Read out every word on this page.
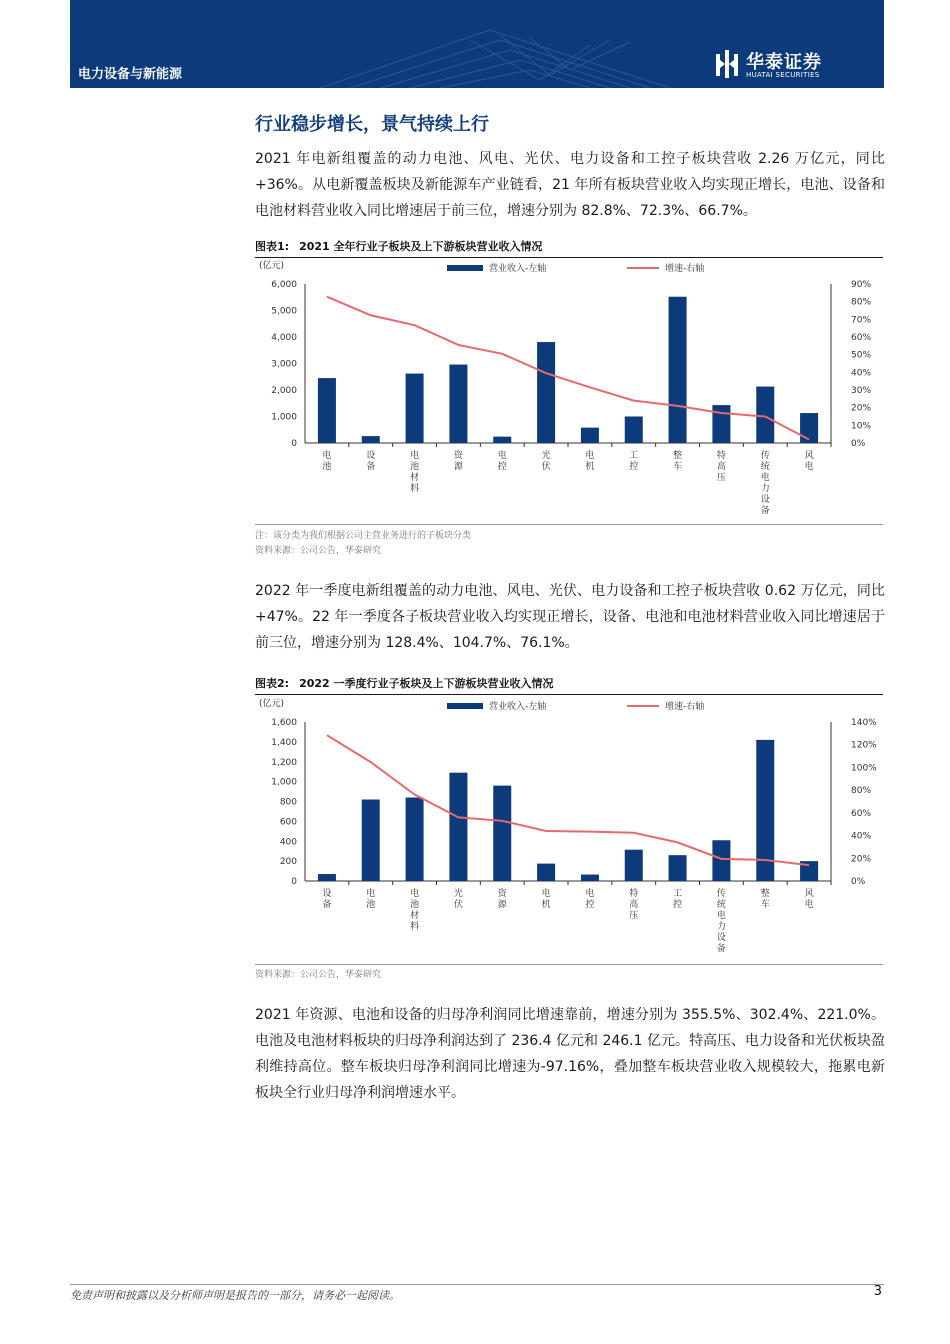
电力设备与新能源
华泰证券
HUATAI SECURITIES
行业稳步增长，景气持续上行
2021 年电新组覆盖的动力电池、风电、光伏、电力设备和工控子板块营收 2.26 万亿元，同比+36%。从电新覆盖板块及新能源车产业链看，21 年所有板块营业收入均实现正增长，电池、设备和电池材料营业收入同比增速居于前三位，增速分别为 82.8%、72.3%、66.7%。
图表1: 2021 全年行业子板块及上下游板块营业收入情况
(亿元)	营业收入-左轴	增速-右轴
0
1,000
2,000
3,000
4,000
5,000
6,000
0%
10%
20%
30%
40%
50%
60%
70%
80%
90%
电池
设备
电池材料
资源
电控
光伏
电机
工控
整车
特高压
传统电力设备
风电
注：该分类为我们根据公司主营业务进行的子板块分类
资料来源：公司公告，华泰研究
2022 年一季度电新组覆盖的动力电池、风电、光伏、电力设备和工控子板块营收 0.62 万亿元，同比+47%。22 年一季度各子板块营业收入均实现正增长，设备、电池和电池材料营业收入同比增速居于前三位，增速分别为 128.4%、104.7%、76.1%。
图表2: 2022 一季度行业子板块及上下游板块营业收入情况
(亿元)	营业收入-左轴	增速-右轴
0
200
400
600
800
1,000
1,200
1,400
1,600
0%
20%
40%
60%
80%
100%
120%
140%
设备
电池
电池材料
光伏
资源
电机
电控
特高压
工控
传统电力设备
整车
风电
资料来源：公司公告，华泰研究
2021 年资源、电池和设备的归母净利润同比增速靠前，增速分别为 355.5%、302.4%、221.0%。电池及电池材料板块的归母净利润达到了 236.4 亿元和 246.1 亿元。特高压、电力设备和光伏板块盈利维持高位。整车板块归母净利润同比增速为-97.16%，叠加整车板块营业收入规模较大，拖累电新板块全行业归母净利润增速水平。
免责声明和披露以及分析师声明是报告的一部分，请务必一起阅读。	3
